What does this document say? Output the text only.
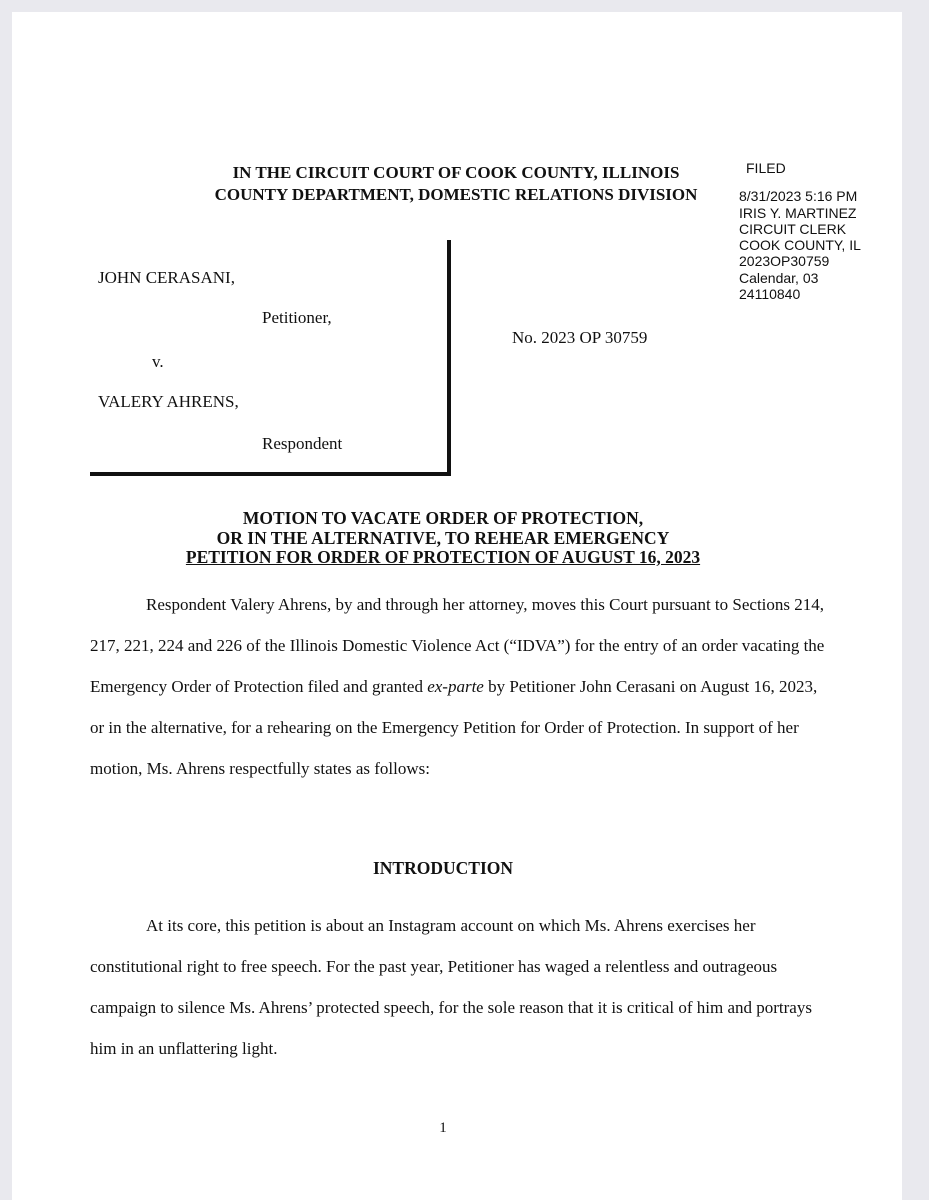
IN THE CIRCUIT COURT OF COOK COUNTY, ILLINOIS
COUNTY DEPARTMENT, DOMESTIC RELATIONS DIVISION
FILED
8/31/2023 5:16 PM
IRIS Y. MARTINEZ
CIRCUIT CLERK
COOK COUNTY, IL
2023OP30759
Calendar, 03
24110840
JOHN CERASANI,
Petitioner,
v.
VALERY AHRENS,
Respondent
No. 2023 OP 30759
MOTION TO VACATE ORDER OF PROTECTION,
OR IN THE ALTERNATIVE, TO REHEAR EMERGENCY
PETITION FOR ORDER OF PROTECTION OF AUGUST 16, 2023

Respondent Valery Ahrens, by and through her attorney, moves this Court pursuant to Sections 214, 217, 221, 224 and 226 of the Illinois Domestic Violence Act (“IDVA”) for the entry of an order vacating the Emergency Order of Protection filed and granted ex-parte by Petitioner John Cerasani on August 16, 2023, or in the alternative, for a rehearing on the Emergency Petition for Order of Protection. In support of her motion, Ms. Ahrens respectfully states as follows:

INTRODUCTION

At its core, this petition is about an Instagram account on which Ms. Ahrens exercises her constitutional right to free speech. For the past year, Petitioner has waged a relentless and outrageous campaign to silence Ms. Ahrens’ protected speech, for the sole reason that it is critical of him and portrays him in an unflattering light.

1
